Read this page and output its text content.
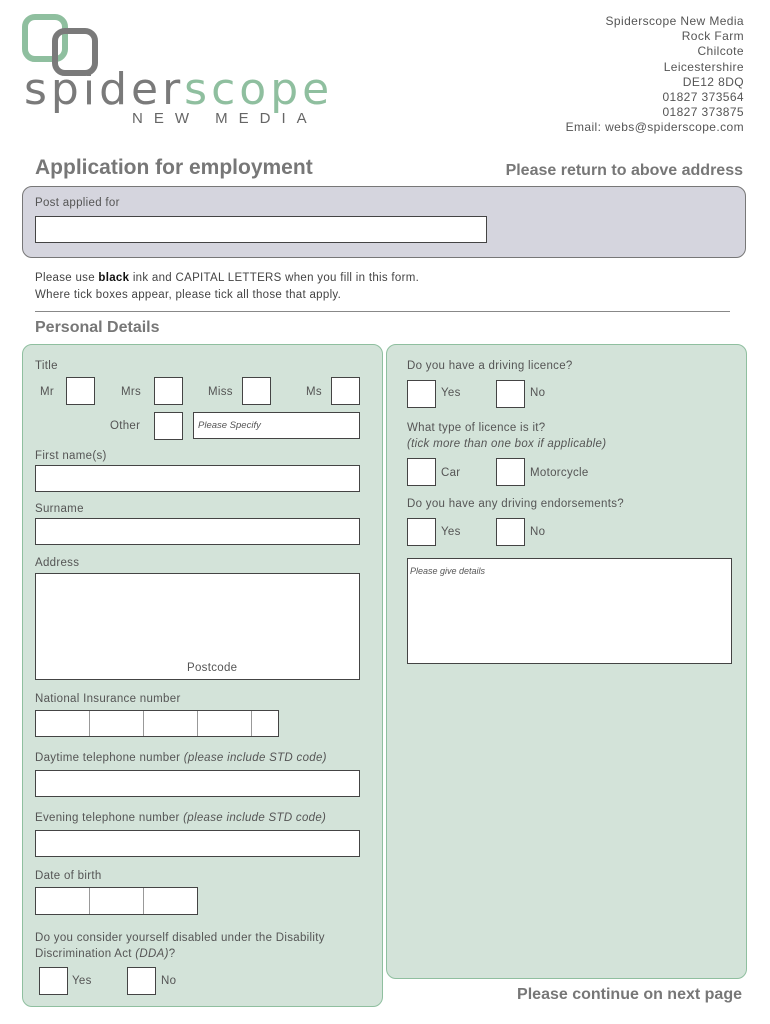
spiderscope
NEW MEDIA
Spiderscope New Media
Rock Farm
Chilcote
Leicestershire
DE12 8DQ
01827 373564
01827 373875
Email: webs@spiderscope.com
Application for employment	Please return to above address
Post applied for
Please use black ink and CAPITAL LETTERS when you fill in this form.
Where tick boxes appear, please tick all those that apply.
Personal Details
Title
Mr	Mrs	Miss	Ms
Other	Please Specify
First name(s)
Surname
Address
Postcode
National Insurance number
Daytime telephone number (please include STD code)
Evening telephone number (please include STD code)
Date of birth
Do you consider yourself disabled under the Disability
Discrimination Act (DDA)?
Yes	No
Do you have a driving licence?
Yes	No
What type of licence is it?
(tick more than one box if applicable)
Car	Motorcycle
Do you have any driving endorsements?
Yes	No
Please give details
Please continue on next page
